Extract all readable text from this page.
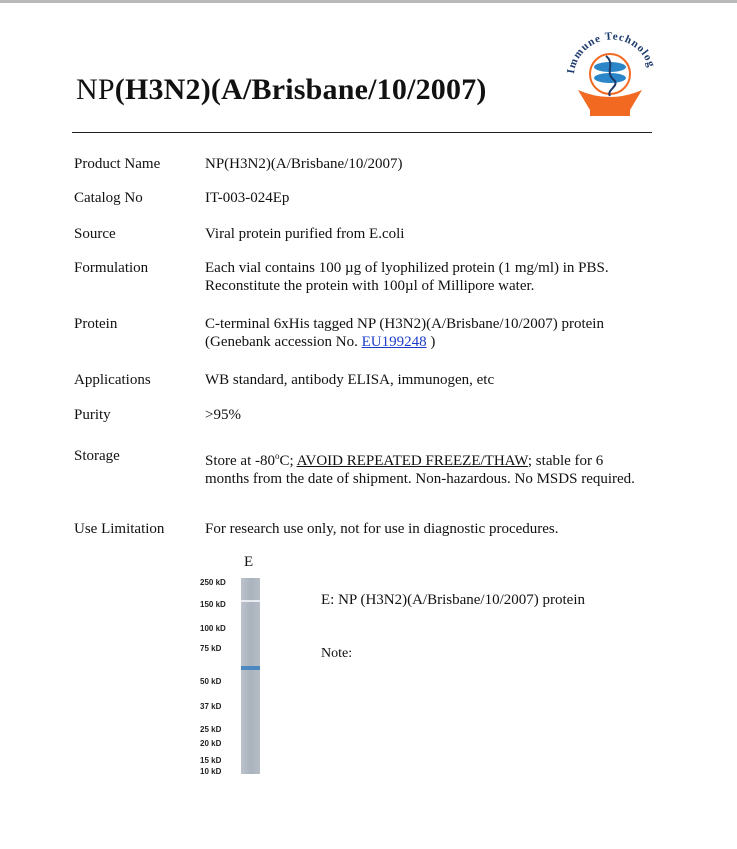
NP(H3N2)(A/Brisbane/10/2007)
Immune Technolog
Product Name	NP(H3N2)(A/Brisbane/10/2007)
Catalog No	IT-003-024Ep
Source	Viral protein purified from E.coli
Formulation	Each vial contains 100 µg of lyophilized protein (1 mg/ml) in PBS.
Reconstitute the protein with 100µl of Millipore water.
Protein	C-terminal 6xHis tagged NP (H3N2)(A/Brisbane/10/2007) protein
(Genebank accession No. EU199248 )
Applications	WB standard, antibody ELISA, immunogen, etc
Purity	>95%
Storage	Store at -80$^o$C; AVOID REPEATED FREEZE/THAW; stable for 6 months from the date of shipment. Non-hazardous. No MSDS required.
Use Limitation	For research use only, not for use in diagnostic procedures.
E
250 kD
150 kD
100 kD
75 kD
50 kD
37 kD
25 kD
20 kD
15 kD
10 kD
E: NP (H3N2)(A/Brisbane/10/2007) protein
Note:
